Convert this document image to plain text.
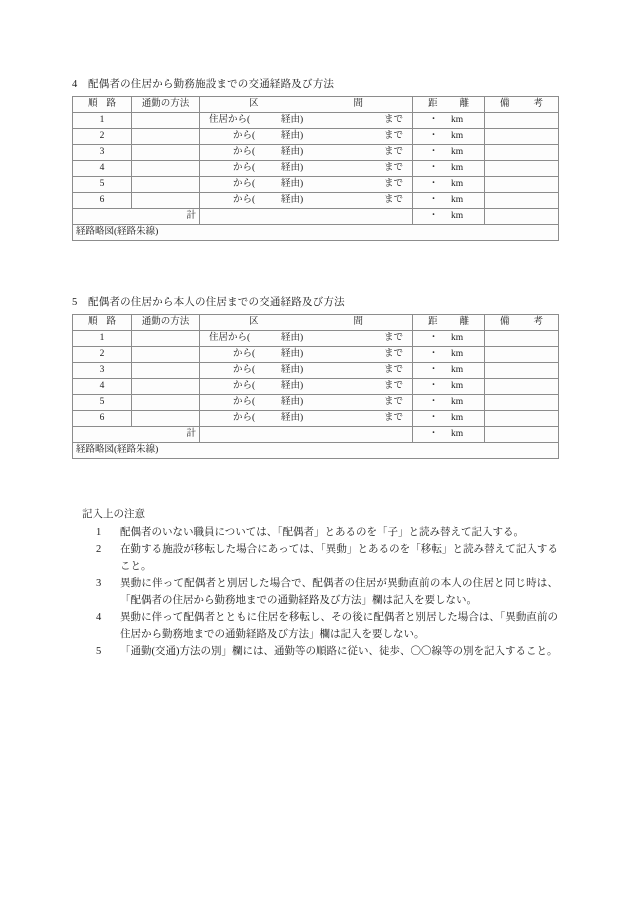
4 配偶者の住居から勤務施設までの交通経路及び方法

順 路	通勤の方法	区 間	距 離	備 考

1		住居から( 経由) まで	・ km	

2		から( 経由) まで	・ km	

3		から( 経由) まで	・ km	

4		から( 経由) まで	・ km	

5		から( 経由) まで	・ km	

6		から( 経由) まで	・ km	

計			・ km	

経路略図(経路朱線)				

5 配偶者の住居から本人の住居までの交通経路及び方法

順 路	通勤の方法	区 間	距 離	備 考

1		住居から( 経由) まで	・ km	

2		から( 経由) まで	・ km	

3		から( 経由) まで	・ km	

4		から( 経由) まで	・ km	

5		から( 経由) まで	・ km	

6		から( 経由) まで	・ km	

計			・ km	

経路略図(経路朱線)				

記入上の注意

1	配偶者のいない職員については、「配偶者」とあるのを「子」と読み替えて記入する。
2	在勤する施設が移転した場合にあっては、「異動」とあるのを「移転」と読み替えて記入すること。
3	異動に伴って配偶者と別居した場合で、配偶者の住居が異動直前の本人の住居と同じ時は、「配偶者の住居から勤務地までの通勤経路及び方法」欄は記入を要しない。
4	異動に伴って配偶者とともに住居を移転し、その後に配偶者と別居した場合は、「異動直前の住居から勤務地までの通勤経路及び方法」欄は記入を要しない。
5	「通勤(交通)方法の別」欄には、通勤等の順路に従い、徒歩、〇〇線等の別を記入すること。
